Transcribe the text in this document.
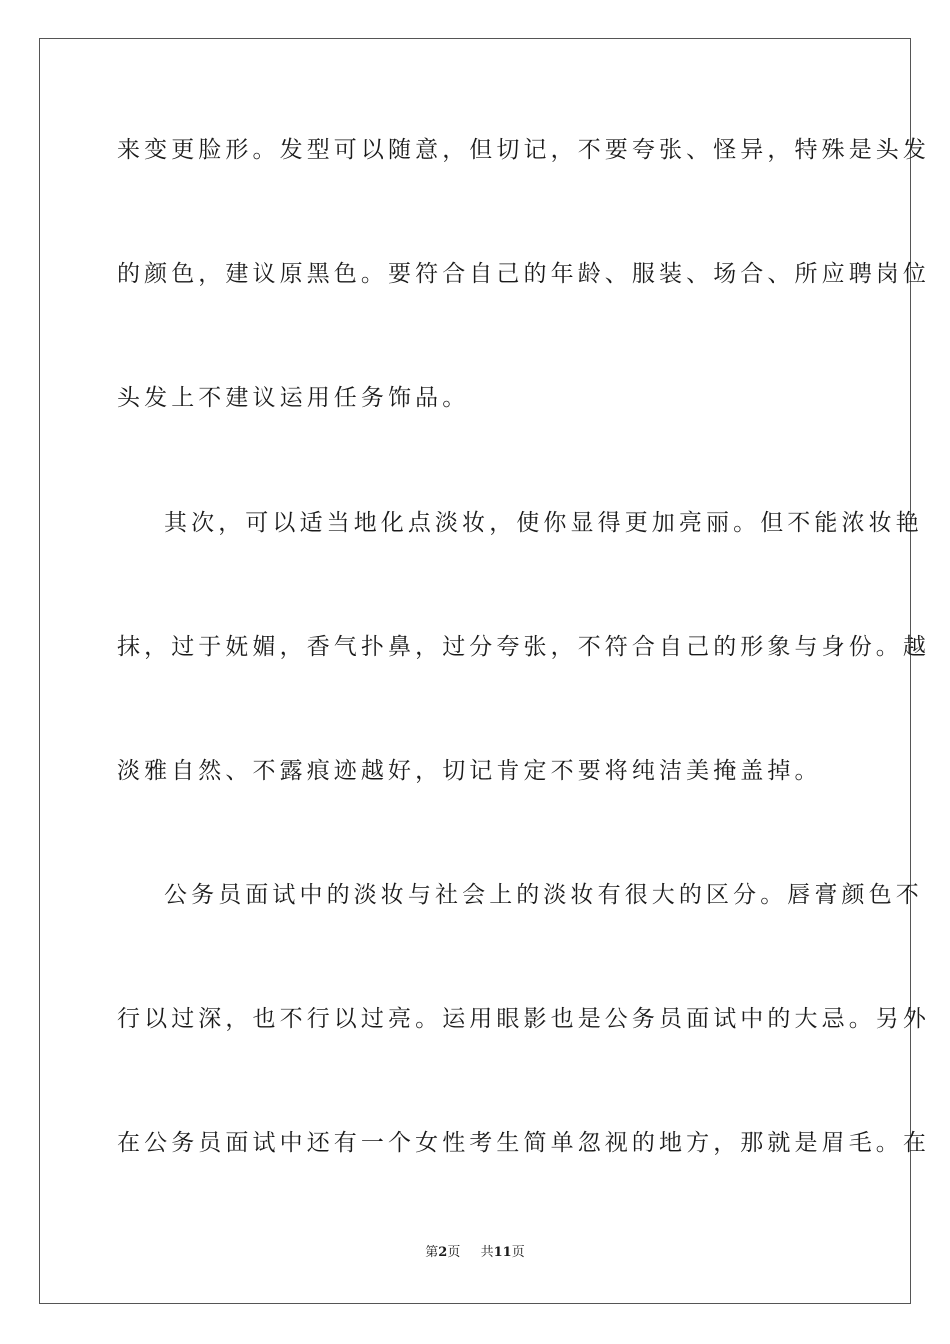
来变更脸形。发型可以随意，但切记，不要夸张、怪异，特殊是头发
的颜色，建议原黑色。要符合自己的年龄、服装、场合、所应聘岗位
头发上不建议运用任务饰品。
其次，可以适当地化点淡妆，使你显得更加亮丽。但不能浓妆艳
抹，过于妩媚，香气扑鼻，过分夸张，不符合自己的形象与身份。越
淡雅自然、不露痕迹越好，切记肯定不要将纯洁美掩盖掉。
公务员面试中的淡妆与社会上的淡妆有很大的区分。唇膏颜色不
行以过深，也不行以过亮。运用眼影也是公务员面试中的大忌。另外
在公务员面试中还有一个女性考生简单忽视的地方，那就是眉毛。在
第2页 共11页
